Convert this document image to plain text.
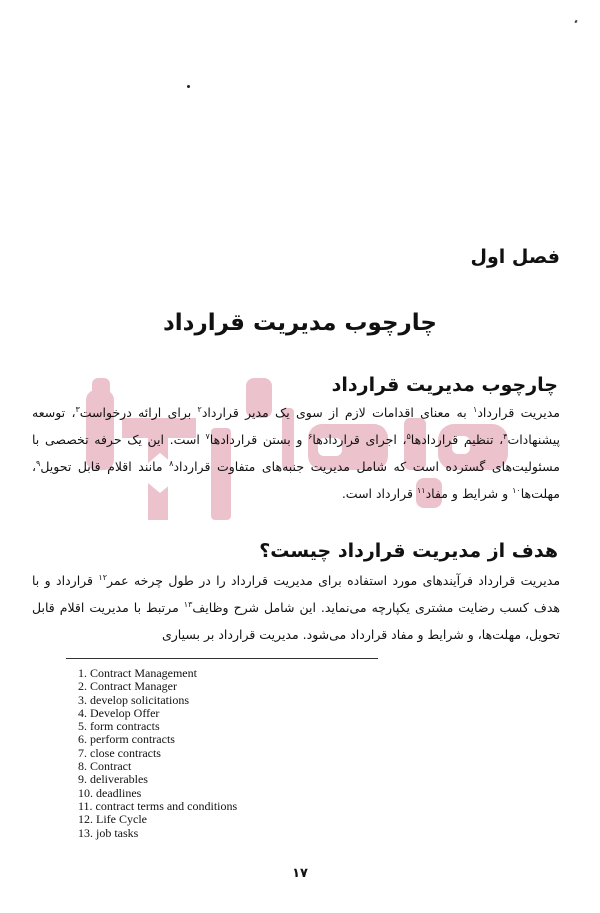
فصل اول
چارچوب مدیریت قرارداد
چارچوب مدیریت قرارداد

مدیریت قرارداد$^۱$ به معنای اقدامات لازم از سوی یک مدیر قرارداد$^۲$ برای ارائه درخواست$^۳$، توسعه پیشنهادات$^۴$، تنظیم قراردادها$^۵$، اجرای قراردادها$^۶$ و بستن قراردادها$^۷$ است. این یک حرفه تخصصی با مسئولیت‌های گسترده است که شامل مدیریت جنبه‌های متفاوت قرارداد$^۸$ مانند اقلام قابل تحویل$^۹$، مهلت‌ها$^{۱۰}$ و شرایط و مفاد$^{۱۱}$ قرارداد است.

هدف از مدیریت قرارداد چیست؟

مدیریت قرارداد فرآیندهای مورد استفاده برای مدیریت قرارداد را در طول چرخه عمر$^{۱۲}$ قرارداد و با هدف کسب رضایت مشتری یکپارچه می‌نماید. این شامل شرح وظایف$^{۱۳}$ مرتبط با مدیریت اقلام قابل تحویل، مهلت‌ها، و شرایط و مفاد قرارداد می‌شود. مدیریت قرارداد بر بسیاری

1. Contract Management
2. Contract Manager
3. develop solicitations
4. Develop Offer
5. form contracts
6. perform contracts
7. close contracts
8. Contract
9. deliverables
10. deadlines
11. contract terms and conditions
12. Life Cycle
13. job tasks
۱۷
